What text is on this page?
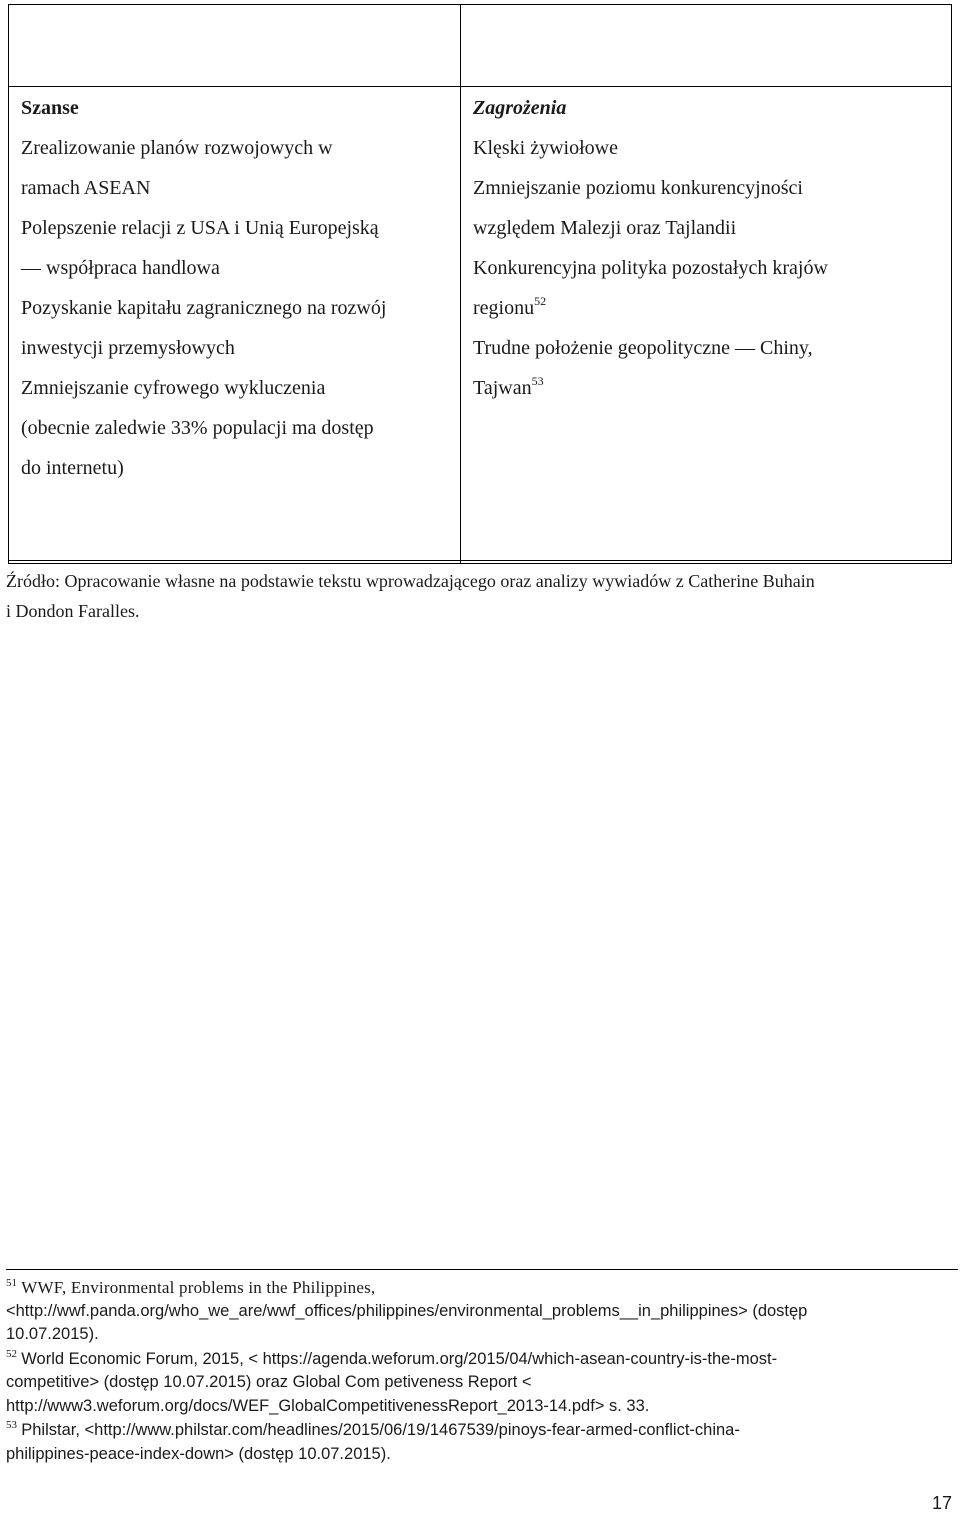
Szanse
Zrealizowanie planów rozwojowych w
ramach ASEAN
Polepszenie relacji z USA i Unią Europejską
— współpraca handlowa
Pozyskanie kapitału zagranicznego na rozwój
inwestycji przemysłowych
Zmniejszanie cyfrowego wykluczenia
(obecnie zaledwie 33% populacji ma dostęp
do internetu)
Zagrożenia
Klęski żywiołowe
Zmniejszanie poziomu konkurencyjności
względem Malezji oraz Tajlandii
Konkurencyjna polityka pozostałych krajów
regionu$^{52}$
Trudne położenie geopolityczne — Chiny,
Tajwan$^{53}$
Źródło: Opracowanie własne na podstawie tekstu wprowadzającego oraz analizy wywiadów z Catherine Buhain
i Dondon Faralles.
$^{51}$ WWF, Environmental problems in the Philippines,
<http://wwf.panda.org/who_we_are/wwf_offices/philippines/environmental_problems__in_philippines> (dostęp
10.07.2015).
$^{52}$ World Economic Forum, 2015, < https://agenda.weforum.org/2015/04/which-asean-country-is-the-most-
competitive> (dostęp 10.07.2015) oraz Global Com petiveness Report <
http://www3.weforum.org/docs/WEF_GlobalCompetitivenessReport_2013-14.pdf> s. 33.
$^{53}$ Philstar, <http://www.philstar.com/headlines/2015/06/19/1467539/pinoys-fear-armed-conflict-china-
philippines-peace-index-down> (dostęp 10.07.2015).
17
